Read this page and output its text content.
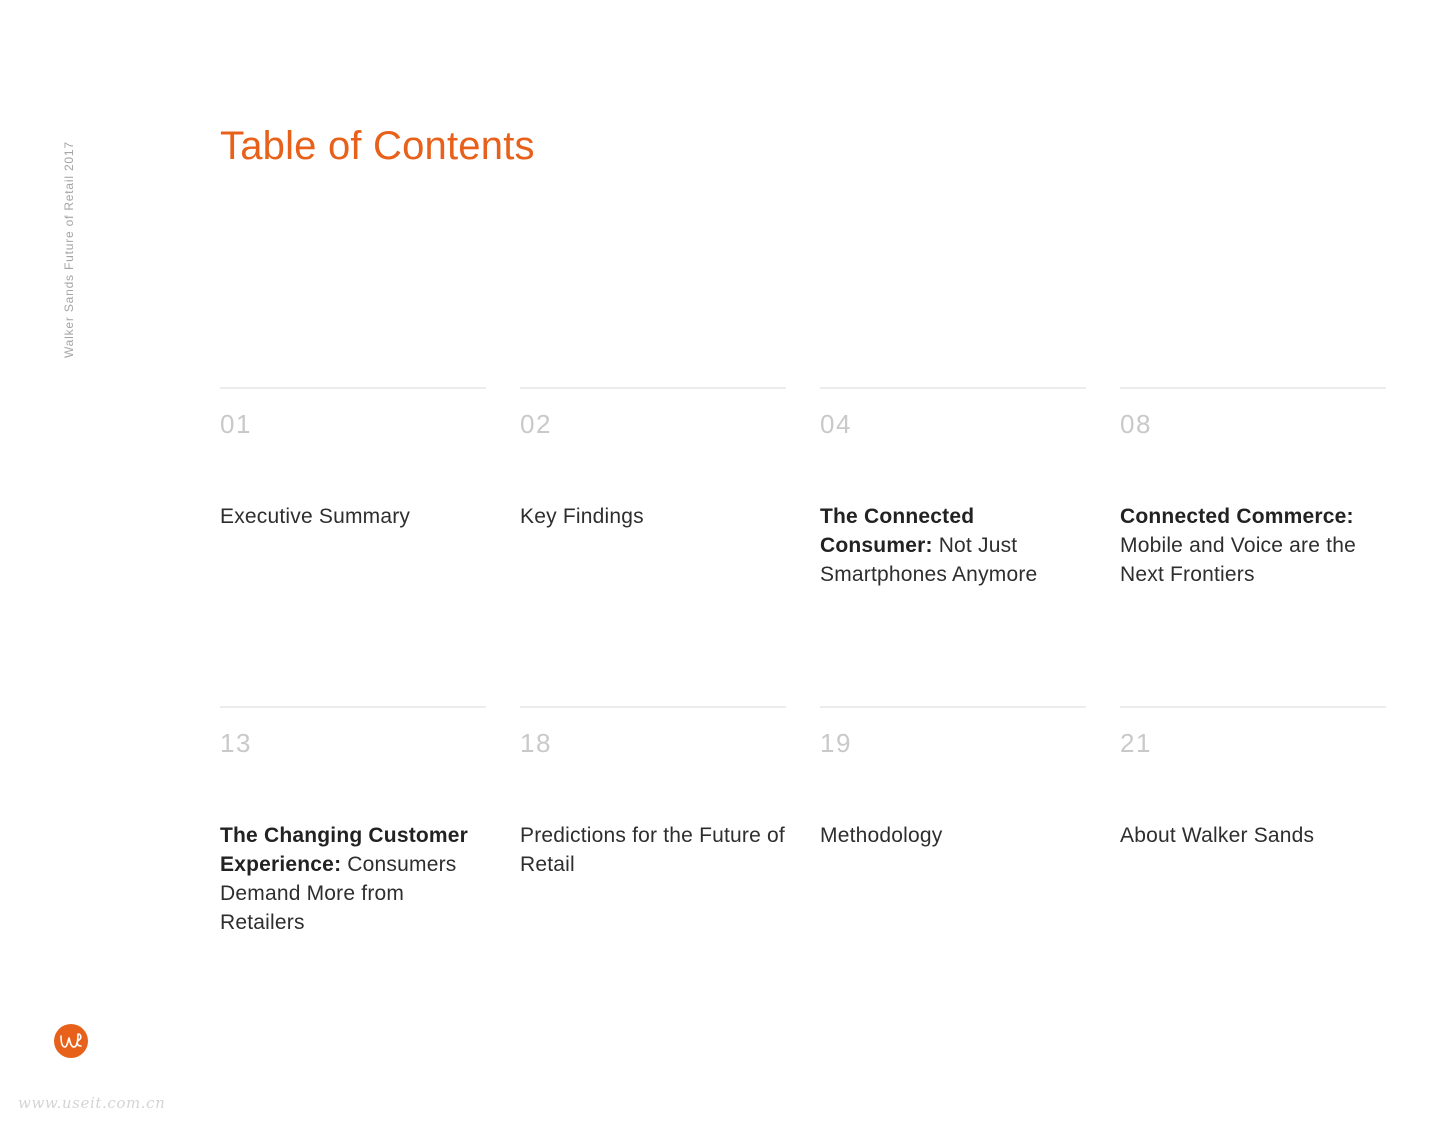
Walker Sands Future of Retail 2017	Table of Contents
01
Executive Summary
02
Key Findings
04
The Connected Consumer: Not Just Smartphones Anymore
08
Connected Commerce: Mobile and Voice are the Next Frontiers
13
The Changing Customer Experience: Consumers Demand More from Retailers
18
Predictions for the Future of Retail
19
Methodology
21
About Walker Sands
www.useit.com.cn
